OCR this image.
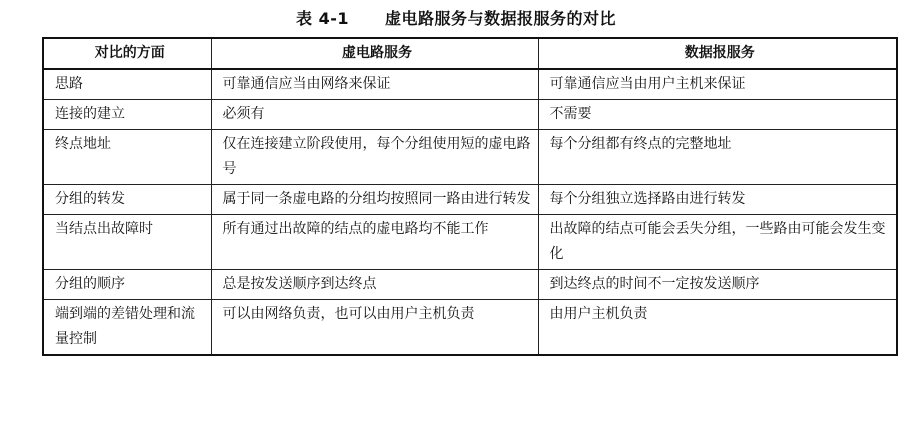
表 4-1 虚电路服务与数据报服务的对比
对比的方面	虚电路服务	数据报服务
思路	可靠通信应当由网络来保证	可靠通信应当由用户主机来保证
连接的建立	必须有	不需要
终点地址	仅在连接建立阶段使用，每个分组使用短的虚电路号	每个分组都有终点的完整地址
分组的转发	属于同一条虚电路的分组均按照同一路由进行转发	每个分组独立选择路由进行转发
当结点出故障时	所有通过出故障的结点的虚电路均不能工作	出故障的结点可能会丢失分组，一些路由可能会发生变化
分组的顺序	总是按发送顺序到达终点	到达终点的时间不一定按发送顺序
端到端的差错处理和流量控制	可以由网络负责，也可以由用户主机负责	由用户主机负责
